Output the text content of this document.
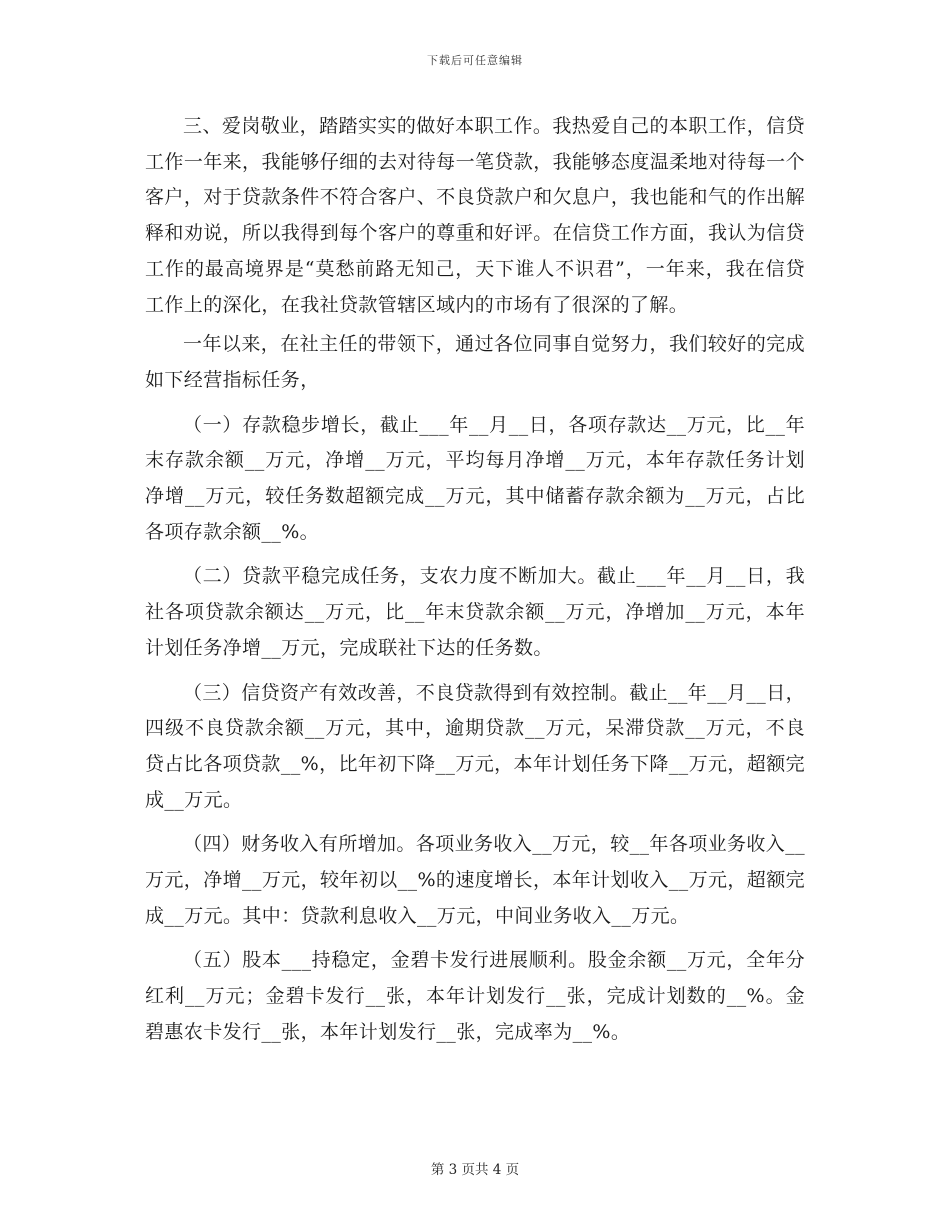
下载后可任意编辑

三、爱岗敬业，踏踏实实的做好本职工作。我热爱自己的本职工作，信贷工作一年来，我能够仔细的去对待每一笔贷款，我能够态度温柔地对待每一个客户，对于贷款条件不符合客户、不良贷款户和欠息户，我也能和气的作出解释和劝说，所以我得到每个客户的尊重和好评。在信贷工作方面，我认为信贷工作的最高境界是“莫愁前路无知己，天下谁人不识君”，一年来，我在信贷工作上的深化，在我社贷款管辖区域内的市场有了很深的了解。

一年以来，在社主任的带领下，通过各位同事自觉努力，我们较好的完成如下经营指标任务，

（一）存款稳步增长，截止___年__月__日，各项存款达__万元，比__年末存款余额__万元，净增__万元，平均每月净增__万元，本年存款任务计划净增__万元，较任务数超额完成__万元，其中储蓄存款余额为__万元，占比各项存款余额__%。

（二）贷款平稳完成任务，支农力度不断加大。截止___年__月__日，我社各项贷款余额达__万元，比__年末贷款余额__万元，净增加__万元，本年计划任务净增__万元，完成联社下达的任务数。

（三）信贷资产有效改善，不良贷款得到有效控制。截止__年__月__日，四级不良贷款余额__万元，其中，逾期贷款__万元，呆滞贷款__万元，不良贷占比各项贷款__%，比年初下降__万元，本年计划任务下降__万元，超额完成__万元。

（四）财务收入有所增加。各项业务收入__万元，较__年各项业务收入__万元，净增__万元，较年初以__%的速度增长，本年计划收入__万元，超额完成__万元。其中：贷款利息收入__万元，中间业务收入__万元。

（五）股本___持稳定，金碧卡发行进展顺利。股金余额__万元，全年分红利__万元；金碧卡发行__张，本年计划发行__张，完成计划数的__%。金碧惠农卡发行__张，本年计划发行__张，完成率为__%。

第 3 页共 4 页
